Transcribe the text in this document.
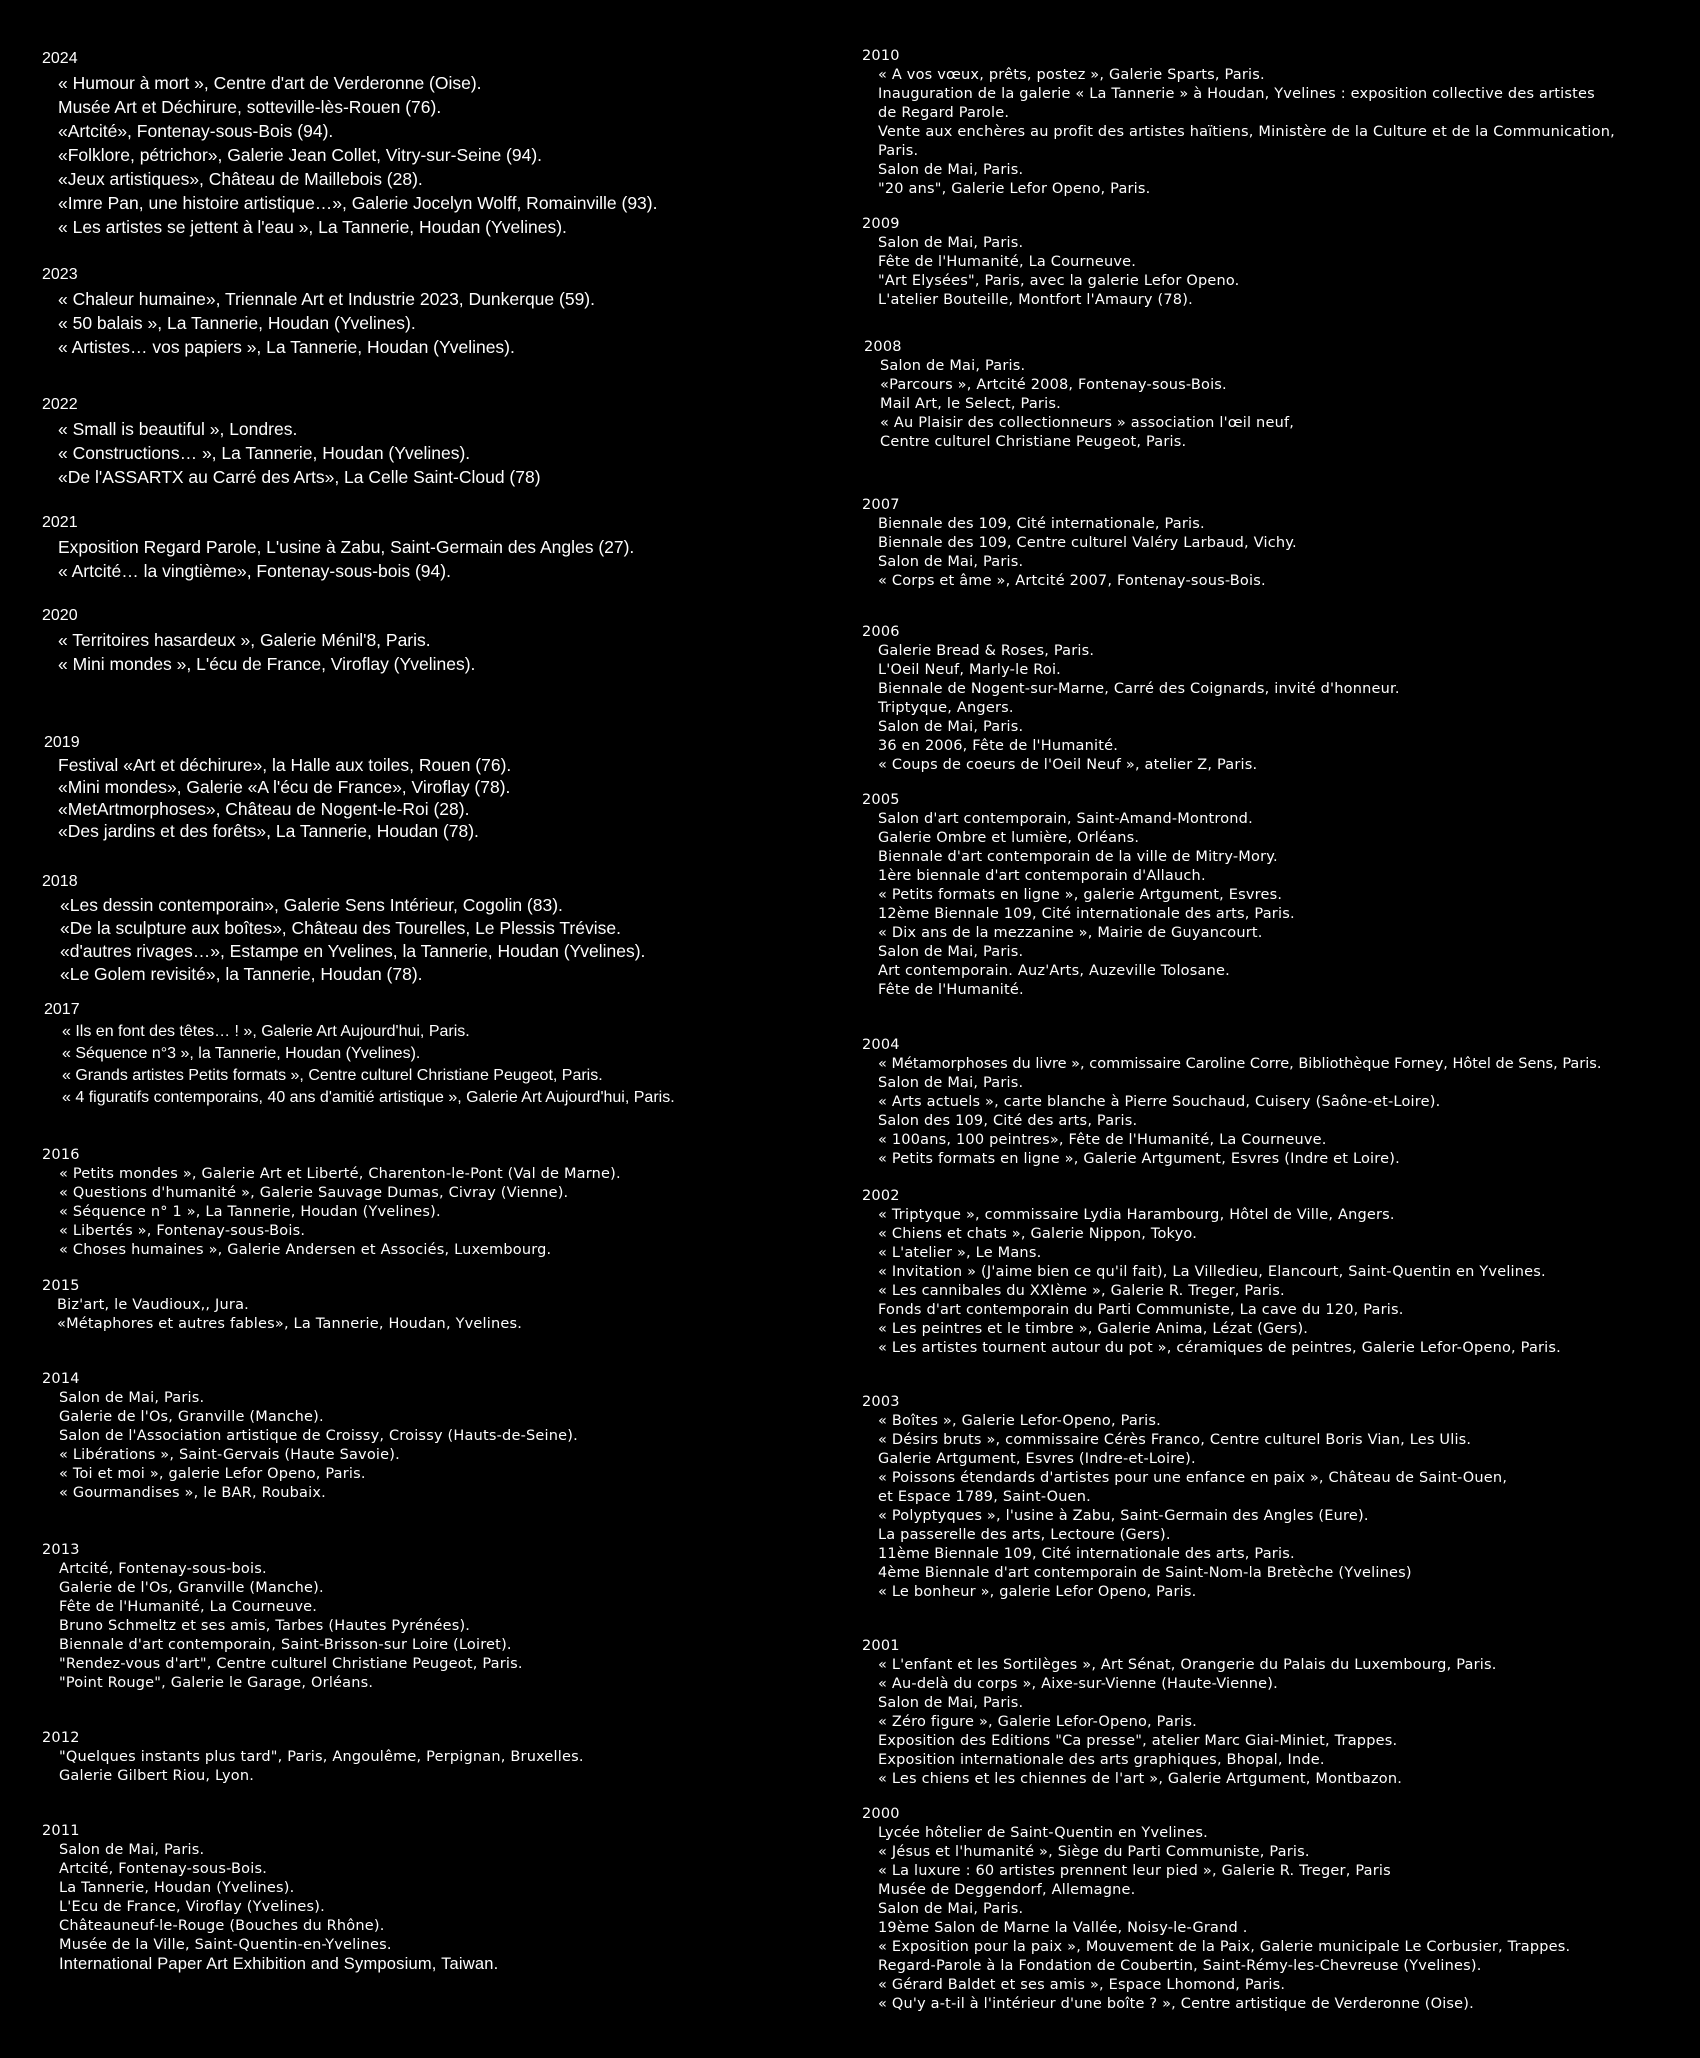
2024
« Humour à mort », Centre d'art de Verderonne (Oise).
Musée Art et Déchirure, sotteville-lès-Rouen (76).
«Artcité», Fontenay-sous-Bois (94).
«Folklore, pétrichor», Galerie Jean Collet, Vitry-sur-Seine (94).
«Jeux artistiques», Château de Maillebois (28).
«Imre Pan, une histoire artistique…», Galerie Jocelyn Wolff, Romainville (93).
« Les artistes se jettent à l'eau », La Tannerie, Houdan (Yvelines).
2023
« Chaleur humaine», Triennale Art et Industrie 2023, Dunkerque (59).
« 50 balais », La Tannerie, Houdan (Yvelines).
« Artistes… vos papiers », La Tannerie, Houdan (Yvelines).
2022
« Small is beautiful », Londres.
« Constructions… », La Tannerie, Houdan (Yvelines).
«De l'ASSARTX au Carré des Arts», La Celle Saint-Cloud (78)
2021
Exposition Regard Parole, L'usine à Zabu, Saint-Germain des Angles (27).
« Artcité… la vingtième», Fontenay-sous-bois (94).
2020
« Territoires hasardeux », Galerie Ménil'8, Paris.
« Mini mondes », L'écu de France, Viroflay (Yvelines).
2019
Festival «Art et déchirure», la Halle aux toiles, Rouen (76).
«Mini mondes», Galerie «A l'écu de France», Viroflay (78).
«MetArtmorphoses», Château de Nogent-le-Roi (28).
«Des jardins et des forêts», La Tannerie, Houdan (78).
2018
«Les dessin contemporain», Galerie Sens Intérieur, Cogolin (83).
«De la sculpture aux boîtes», Château des Tourelles, Le Plessis Trévise.
«d'autres rivages…», Estampe en Yvelines, la Tannerie, Houdan (Yvelines).
«Le Golem revisité», la Tannerie, Houdan (78).
2017
« Ils en font des têtes… ! », Galerie Art Aujourd'hui, Paris.
« Séquence n°3 », la Tannerie, Houdan (Yvelines).
« Grands artistes Petits formats », Centre culturel Christiane Peugeot, Paris.
« 4 figuratifs contemporains, 40 ans d'amitié artistique », Galerie Art Aujourd'hui, Paris.
2016
« Petits mondes », Galerie Art et Liberté, Charenton-le-Pont (Val de Marne).
« Questions d'humanité », Galerie Sauvage Dumas, Civray (Vienne).
« Séquence n° 1 », La Tannerie, Houdan (Yvelines).
« Libertés », Fontenay-sous-Bois.
« Choses humaines », Galerie Andersen et Associés, Luxembourg.
2015
Biz'art, le Vaudioux,, Jura.
«Métaphores et autres fables», La Tannerie, Houdan, Yvelines.
2014
Salon de Mai, Paris.
Galerie de l'Os, Granville (Manche).
Salon de l'Association artistique de Croissy, Croissy (Hauts-de-Seine).
« Libérations », Saint-Gervais (Haute Savoie).
« Toi et moi », galerie Lefor Openo, Paris.
« Gourmandises », le BAR, Roubaix.
2013
Artcité, Fontenay-sous-bois.
Galerie de l'Os, Granville (Manche).
Fête de l'Humanité, La Courneuve.
Bruno Schmeltz et ses amis, Tarbes (Hautes Pyrénées).
Biennale d'art contemporain, Saint-Brisson-sur Loire (Loiret).
"Rendez-vous d'art", Centre culturel Christiane Peugeot, Paris.
"Point Rouge", Galerie le Garage, Orléans.
2012
"Quelques instants plus tard", Paris, Angoulême, Perpignan, Bruxelles.
Galerie Gilbert Riou, Lyon.
2011
Salon de Mai, Paris.
Artcité, Fontenay-sous-Bois.
La Tannerie, Houdan (Yvelines).
L'Ecu de France, Viroflay (Yvelines).
Châteauneuf-le-Rouge (Bouches du Rhône).
Musée de la Ville, Saint-Quentin-en-Yvelines.
International Paper Art Exhibition and Symposium, Taiwan.
2010
« A vos vœux, prêts, postez », Galerie Sparts, Paris.
Inauguration de la galerie « La Tannerie » à Houdan, Yvelines : exposition collective des artistes
de Regard Parole.
Vente aux enchères au profit des artistes haïtiens, Ministère de la Culture et de la Communication,
Paris.
Salon de Mai, Paris.
"20 ans", Galerie Lefor Openo, Paris.
2009
Salon de Mai, Paris.
Fête de l'Humanité, La Courneuve.
"Art Elysées", Paris, avec la galerie Lefor Openo.
L'atelier Bouteille, Montfort l'Amaury (78).
2008
Salon de Mai, Paris.
«Parcours », Artcité 2008, Fontenay-sous-Bois.
Mail Art, le Select, Paris.
« Au Plaisir des collectionneurs » association l'œil neuf,
Centre culturel Christiane Peugeot, Paris.
2007
Biennale des 109, Cité internationale, Paris.
Biennale des 109, Centre culturel Valéry Larbaud, Vichy.
Salon de Mai, Paris.
« Corps et âme », Artcité 2007, Fontenay-sous-Bois.
2006
Galerie Bread & Roses, Paris.
L'Oeil Neuf, Marly-le Roi.
Biennale de Nogent-sur-Marne, Carré des Coignards, invité d'honneur.
Triptyque, Angers.
Salon de Mai, Paris.
36 en 2006, Fête de l'Humanité.
« Coups de coeurs de l'Oeil Neuf », atelier Z, Paris.
2005
Salon d'art contemporain, Saint-Amand-Montrond.
Galerie Ombre et lumière, Orléans.
Biennale d'art contemporain de la ville de Mitry-Mory.
1ère biennale d'art contemporain d'Allauch.
« Petits formats en ligne », galerie Artgument, Esvres.
12ème Biennale 109, Cité internationale des arts, Paris.
« Dix ans de la mezzanine », Mairie de Guyancourt.
Salon de Mai, Paris.
Art contemporain. Auz'Arts, Auzeville Tolosane.
Fête de l'Humanité.
2004
« Métamorphoses du livre », commissaire Caroline Corre, Bibliothèque Forney, Hôtel de Sens, Paris.
Salon de Mai, Paris.
« Arts actuels », carte blanche à Pierre Souchaud, Cuisery (Saône-et-Loire).
Salon des 109, Cité des arts, Paris.
« 100ans, 100 peintres», Fête de l'Humanité, La Courneuve.
« Petits formats en ligne », Galerie Artgument, Esvres (Indre et Loire).
2002
« Triptyque », commissaire Lydia Harambourg, Hôtel de Ville, Angers.
« Chiens et chats », Galerie Nippon, Tokyo.
« L'atelier », Le Mans.
« Invitation » (J'aime bien ce qu'il fait), La Villedieu, Elancourt, Saint-Quentin en Yvelines.
« Les cannibales du XXIème », Galerie R. Treger, Paris.
Fonds d'art contemporain du Parti Communiste, La cave du 120, Paris.
« Les peintres et le timbre », Galerie Anima, Lézat (Gers).
« Les artistes tournent autour du pot », céramiques de peintres, Galerie Lefor-Openo, Paris.
2003
« Boîtes », Galerie Lefor-Openo, Paris.
« Désirs bruts », commissaire Cérès Franco, Centre culturel Boris Vian, Les Ulis.
Galerie Artgument, Esvres (Indre-et-Loire).
« Poissons étendards d'artistes pour une enfance en paix », Château de Saint-Ouen,
et Espace 1789, Saint-Ouen.
« Polyptyques », l'usine à Zabu, Saint-Germain des Angles (Eure).
La passerelle des arts, Lectoure (Gers).
11ème Biennale 109, Cité internationale des arts, Paris.
4ème Biennale d'art contemporain de Saint-Nom-la Bretèche (Yvelines)
« Le bonheur », galerie Lefor Openo, Paris.
2001
« L'enfant et les Sortilèges », Art Sénat, Orangerie du Palais du Luxembourg, Paris.
« Au-delà du corps », Aixe-sur-Vienne (Haute-Vienne).
Salon de Mai, Paris.
« Zéro figure », Galerie Lefor-Openo, Paris.
Exposition des Editions "Ca presse", atelier Marc Giai-Miniet, Trappes.
Exposition internationale des arts graphiques, Bhopal, Inde.
« Les chiens et les chiennes de l'art », Galerie Artgument, Montbazon.
2000
Lycée hôtelier de Saint-Quentin en Yvelines.
« Jésus et l'humanité », Siège du Parti Communiste, Paris.
« La luxure : 60 artistes prennent leur pied », Galerie R. Treger, Paris
Musée de Deggendorf, Allemagne.
Salon de Mai, Paris.
19ème Salon de Marne la Vallée, Noisy-le-Grand .
« Exposition pour la paix », Mouvement de la Paix, Galerie municipale Le Corbusier, Trappes.
Regard-Parole à la Fondation de Coubertin, Saint-Rémy-les-Chevreuse (Yvelines).
« Gérard Baldet et ses amis », Espace Lhomond, Paris.
« Qu'y a-t-il à l'intérieur d'une boîte ? », Centre artistique de Verderonne (Oise).
